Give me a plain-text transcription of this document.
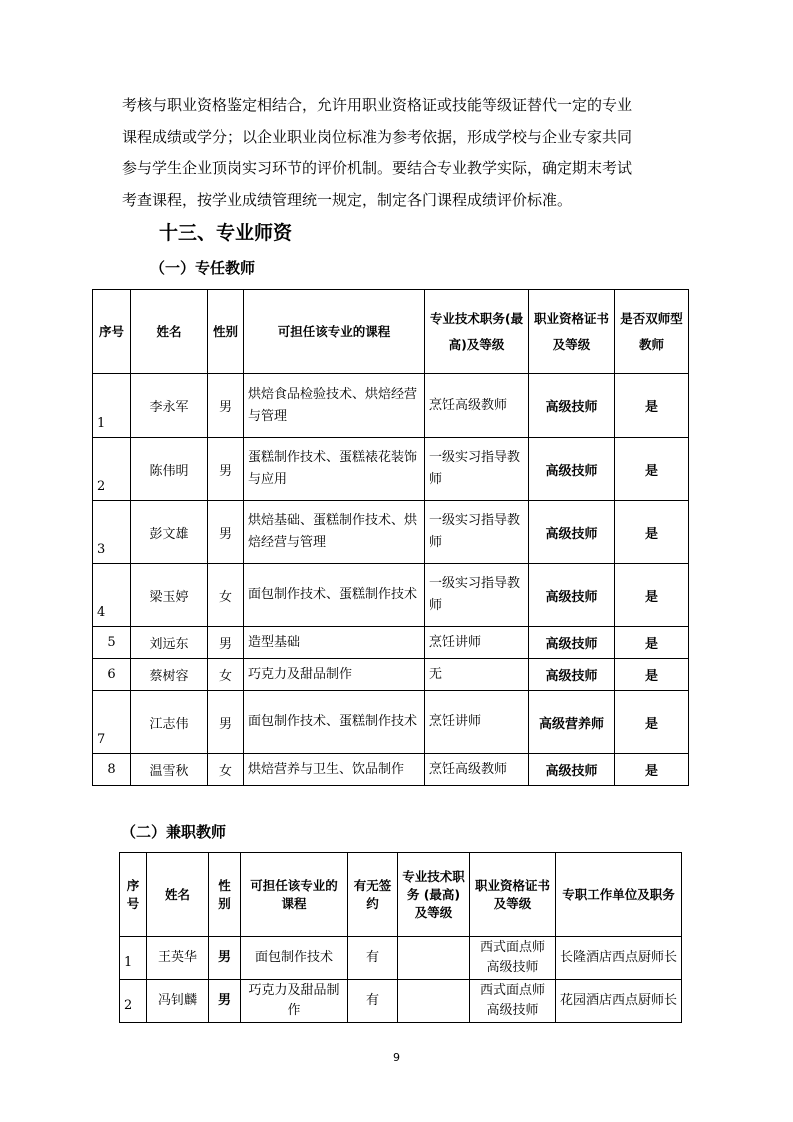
考核与职业资格鉴定相结合，允许用职业资格证或技能等级证替代一定的专业
课程成绩或学分；以企业职业岗位标准为参考依据，形成学校与企业专家共同
参与学生企业顶岗实习环节的评价机制。要结合专业教学实际，确定期末考试
考查课程，按学业成绩管理统一规定，制定各门课程成绩评价标准。
十三、专业师资
（一）专任教师
序号	姓名	性别	可担任该专业的课程	专业技术职务(最高)及等级	职业资格证书及等级	是否双师型教师
1	李永军	男	烘焙食品检验技术、烘焙经营与管理	烹饪高级教师	高级技师	是
2	陈伟明	男	蛋糕制作技术、蛋糕裱花装饰与应用	一级实习指导教师	高级技师	是
3	彭文雄	男	烘焙基础、蛋糕制作技术、烘焙经营与管理	一级实习指导教师	高级技师	是
4	梁玉婷	女	面包制作技术、蛋糕制作技术	一级实习指导教师	高级技师	是
5	刘远东	男	造型基础	烹饪讲师	高级技师	是
6	蔡树容	女	巧克力及甜品制作	无	高级技师	是
7	江志伟	男	面包制作技术、蛋糕制作技术	烹饪讲师	高级营养师	是
8	温雪秋	女	烘焙营养与卫生、饮品制作	烹饪高级教师	高级技师	是
（二）兼职教师
序号	姓名	性别	可担任该专业的课程	有无签约	专业技术职务 (最高)及等级	职业资格证书及等级	专职工作单位及职务
1	王英华	男	面包制作技术	有		西式面点师高级技师	长隆酒店西点厨师长
2	冯钊麟	男	巧克力及甜品制作	有		西式面点师高级技师	花园酒店西点厨师长
9
